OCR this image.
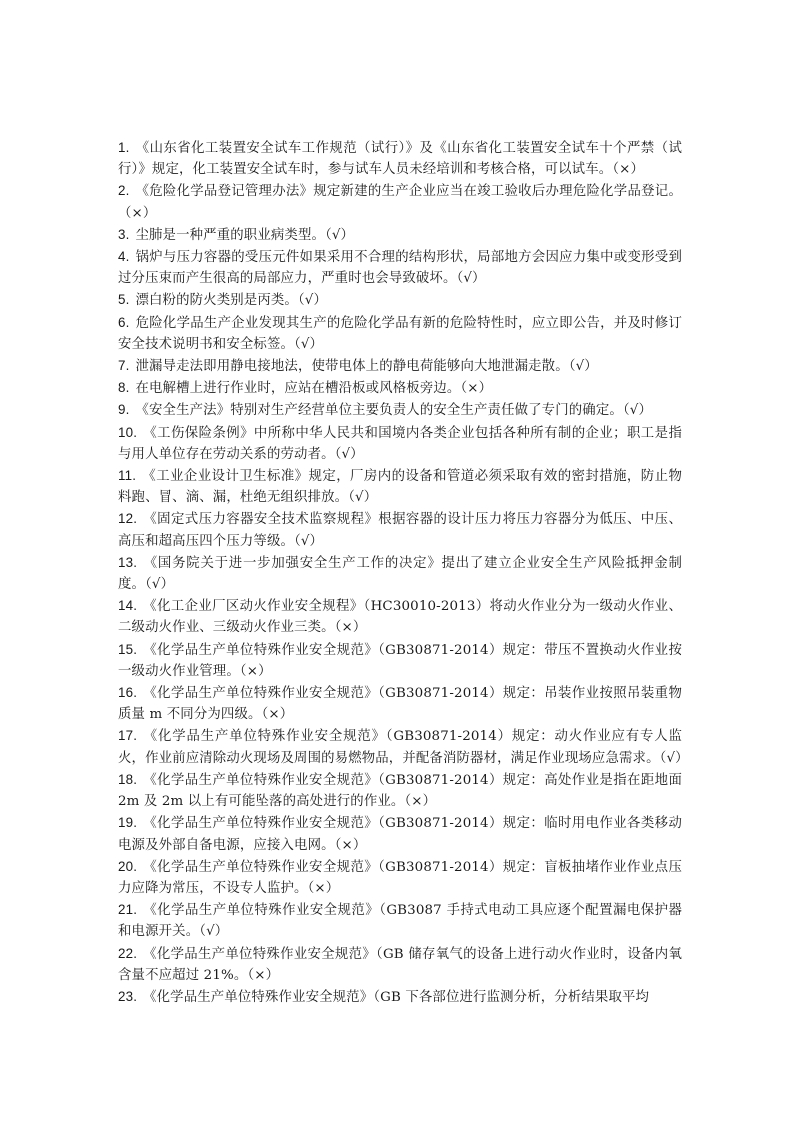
1. 《山东省化工装置安全试车工作规范（试行）》及《山东省化工装置安全试车十个严禁（试行）》规定，化工装置安全试车时，参与试车人员未经培训和考核合格，可以试车。（×）

2. 《危险化学品登记管理办法》规定新建的生产企业应当在竣工验收后办理危险化学品登记。（×）

3. 尘肺是一种严重的职业病类型。（√）

4. 锅炉与压力容器的受压元件如果采用不合理的结构形状，局部地方会因应力集中或变形受到过分压束而产生很高的局部应力，严重时也会导致破坏。（√）

5. 漂白粉的防火类别是丙类。（√）

6. 危险化学品生产企业发现其生产的危险化学品有新的危险特性时，应立即公告，并及时修订安全技术说明书和安全标签。（√）

7. 泄漏导走法即用静电接地法，使带电体上的静电荷能够向大地泄漏走散。（√）

8. 在电解槽上进行作业时，应站在槽沿板或风格板旁边。（×）

9. 《安全生产法》特别对生产经营单位主要负责人的安全生产责任做了专门的确定。（√）

10. 《工伤保险条例》中所称中华人民共和国境内各类企业包括各种所有制的企业；职工是指与用人单位存在劳动关系的劳动者。（√）

11. 《工业企业设计卫生标准》规定，厂房内的设备和管道必须采取有效的密封措施，防止物料跑、冒、滴、漏，杜绝无组织排放。（√）

12. 《固定式压力容器安全技术监察规程》根据容器的设计压力将压力容器分为低压、中压、高压和超高压四个压力等级。（√）

13. 《国务院关于进一步加强安全生产工作的决定》提出了建立企业安全生产风险抵押金制度。（√）

14. 《化工企业厂区动火作业安全规程》（HC30010-2013）将动火作业分为一级动火作业、二级动火作业、三级动火作业三类。（×）

15. 《化学品生产单位特殊作业安全规范》（GB30871-2014）规定：带压不置换动火作业按一级动火作业管理。（×）

16. 《化学品生产单位特殊作业安全规范》（GB30871-2014）规定：吊装作业按照吊装重物质量 m 不同分为四级。（×）

17. 《化学品生产单位特殊作业安全规范》（GB30871-2014）规定：动火作业应有专人监火，作业前应清除动火现场及周围的易燃物品，并配备消防器材，满足作业现场应急需求。（√）

18. 《化学品生产单位特殊作业安全规范》（GB30871-2014）规定：高处作业是指在距地面 2m 及 2m 以上有可能坠落的高处进行的作业。（×）

19. 《化学品生产单位特殊作业安全规范》（GB30871-2014）规定：临时用电作业各类移动电源及外部自备电源，应接入电网。（×）

20. 《化学品生产单位特殊作业安全规范》（GB30871-2014）规定：盲板抽堵作业作业点压力应降为常压，不设专人监护。（×）

21. 《化学品生产单位特殊作业安全规范》（GB3087 手持式电动工具应逐个配置漏电保护器和电源开关。（√）

22. 《化学品生产单位特殊作业安全规范》（GB 储存氧气的设备上进行动火作业时，设备内氧含量不应超过 21%。（×）

23. 《化学品生产单位特殊作业安全规范》（GB 下各部位进行监测分析，分析结果取平均
